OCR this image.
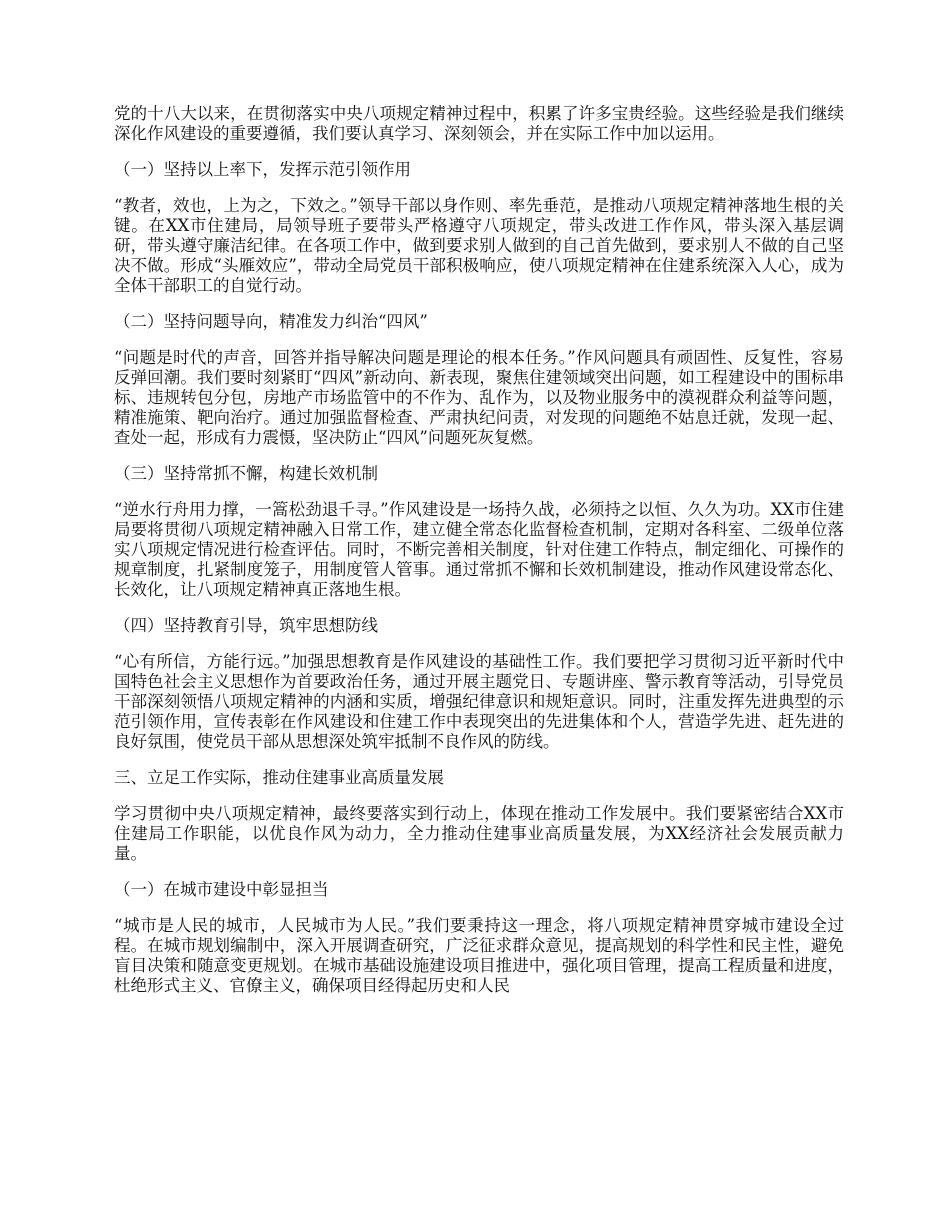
党的十八大以来，在贯彻落实中央八项规定精神过程中，积累了许多宝贵经验。这些经验是我们继续深化作风建设的重要遵循，我们要认真学习、深刻领会，并在实际工作中加以运用。

（一）坚持以上率下，发挥示范引领作用

“教者，效也，上为之，下效之。”领导干部以身作则、率先垂范，是推动八项规定精神落地生根的关键。在XX市住建局，局领导班子要带头严格遵守八项规定，带头改进工作作风，带头深入基层调研，带头遵守廉洁纪律。在各项工作中，做到要求别人做到的自己首先做到，要求别人不做的自己坚决不做。形成“头雁效应”，带动全局党员干部积极响应，使八项规定精神在住建系统深入人心，成为全体干部职工的自觉行动。

（二）坚持问题导向，精准发力纠治“四风”

“问题是时代的声音，回答并指导解决问题是理论的根本任务。”作风问题具有顽固性、反复性，容易反弹回潮。我们要时刻紧盯“四风”新动向、新表现，聚焦住建领域突出问题，如工程建设中的围标串标、违规转包分包，房地产市场监管中的不作为、乱作为，以及物业服务中的漠视群众利益等问题，精准施策、靶向治疗。通过加强监督检查、严肃执纪问责，对发现的问题绝不姑息迁就，发现一起、查处一起，形成有力震慑，坚决防止“四风”问题死灰复燃。

（三）坚持常抓不懈，构建长效机制

“逆水行舟用力撑，一篙松劲退千寻。”作风建设是一场持久战，必须持之以恒、久久为功。XX市住建局要将贯彻八项规定精神融入日常工作，建立健全常态化监督检查机制，定期对各科室、二级单位落实八项规定情况进行检查评估。同时，不断完善相关制度，针对住建工作特点，制定细化、可操作的规章制度，扎紧制度笼子，用制度管人管事。通过常抓不懈和长效机制建设，推动作风建设常态化、长效化，让八项规定精神真正落地生根。

（四）坚持教育引导，筑牢思想防线

“心有所信，方能行远。”加强思想教育是作风建设的基础性工作。我们要把学习贯彻习近平新时代中国特色社会主义思想作为首要政治任务，通过开展主题党日、专题讲座、警示教育等活动，引导党员干部深刻领悟八项规定精神的内涵和实质，增强纪律意识和规矩意识。同时，注重发挥先进典型的示范引领作用，宣传表彰在作风建设和住建工作中表现突出的先进集体和个人，营造学先进、赶先进的良好氛围，使党员干部从思想深处筑牢抵制不良作风的防线。

三、立足工作实际，推动住建事业高质量发展

学习贯彻中央八项规定精神，最终要落实到行动上，体现在推动工作发展中。我们要紧密结合XX市住建局工作职能，以优良作风为动力，全力推动住建事业高质量发展，为XX经济社会发展贡献力量。

（一）在城市建设中彰显担当

“城市是人民的城市，人民城市为人民。”我们要秉持这一理念，将八项规定精神贯穿城市建设全过程。在城市规划编制中，深入开展调查研究，广泛征求群众意见，提高规划的科学性和民主性，避免盲目决策和随意变更规划。在城市基础设施建设项目推进中，强化项目管理，提高工程质量和进度，杜绝形式主义、官僚主义，确保项目经得起历史和人民
